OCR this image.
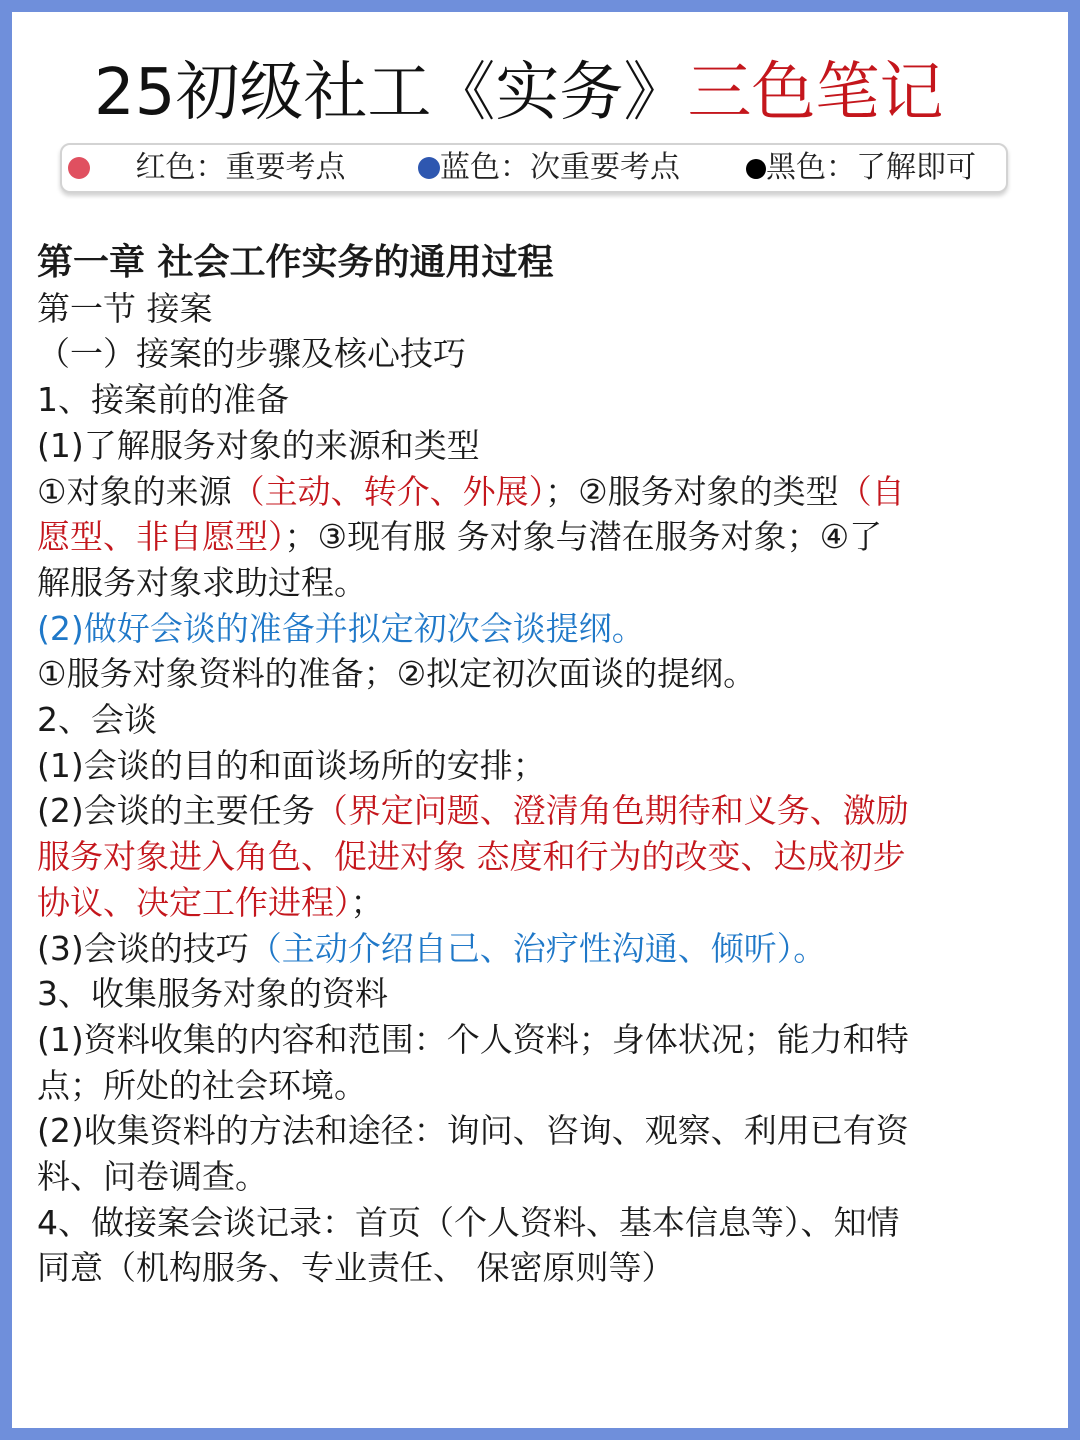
25初级社工《实务》三色笔记
红色：重要考点	蓝色：次重要考点	黑色：了解即可
第一章 社会工作实务的通用过程
第一节 接案
（一）接案的步骤及核心技巧
1、接案前的准备
(1)了解服务对象的来源和类型
①对象的来源（主动、转介、外展）；②服务对象的类型（自
愿型、非自愿型）；③现有服 务对象与潜在服务对象；④了
解服务对象求助过程。
(2)做好会谈的准备并拟定初次会谈提纲。
①服务对象资料的准备；②拟定初次面谈的提纲。
2、会谈
(1)会谈的目的和面谈场所的安排；
(2)会谈的主要任务（界定问题、澄清角色期待和义务、激励
服务对象进入角色、促进对象 态度和行为的改变、达成初步
协议、决定工作进程）；
(3)会谈的技巧（主动介绍自己、治疗性沟通、倾听）。
3、收集服务对象的资料
(1)资料收集的内容和范围：个人资料；身体状况；能力和特
点；所处的社会环境。
(2)收集资料的方法和途径：询问、咨询、观察、利用已有资
料、问卷调查。
4、做接案会谈记录：首页（个人资料、基本信息等）、知情
同意（机构服务、专业责任、 保密原则等）
